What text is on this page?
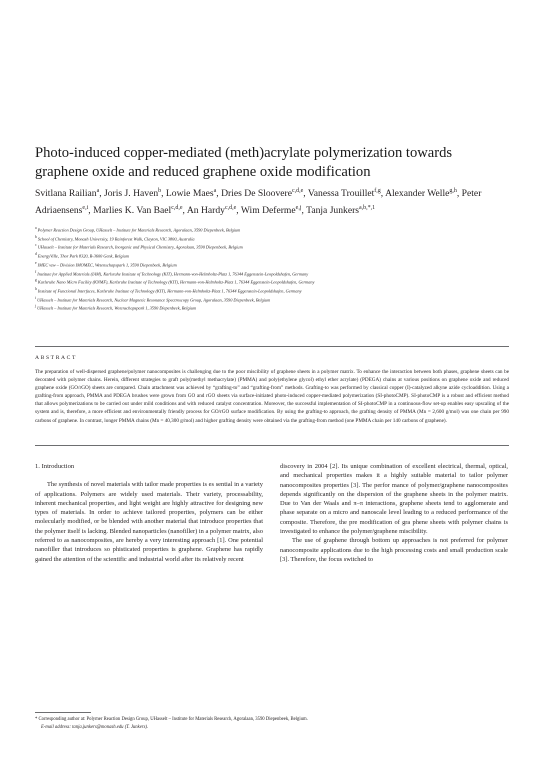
Photo-induced copper-mediated (meth)acrylate polymerization towards graphene oxide and reduced graphene oxide modification
Svitlana Railian$^a$, Joris J. Haven$^b$, Lowie Maes$^a$, Dries De Sloovere$^{c,d,e}$, Vanessa Trouillet$^{f,g}$, Alexander Welle$^{g,h}$, Peter Adriaensens$^{e,i}$, Marlies K. Van Bael$^{c,d,e}$, An Hardy$^{c,d,e}$, Wim Deferme$^{e,j}$, Tanja Junkers$^{a,b,*,1}$
$^a$ Polymer Reaction Design Group, UHasselt – Institute for Materials Research, Agoralaan, 3590 Diepenbeek, Belgium
$^b$ School of Chemistry, Monash University, 19 Rainforest Walk, Clayton, VIC 3800, Australia
$^c$ UHasselt – Institute for Materials Research, Inorganic and Physical Chemistry, Agoralaan, 3590 Diepenbeek, Belgium
$^d$ EnergyVille, Thor Park 8320, B-3600 Genk, Belgium
$^e$ IMEC vzw – Division IMOMEC, Wetenschapspark 1, 3590 Diepenbeek, Belgium
$^f$ Institute for Applied Materials (IAM), Karlsruhe Institute of Technology (KIT), Hermann-von-Helmholtz-Platz 1, 76344 Eggenstein-Leopoldshafen, Germany
$^g$ Karlsruhe Nano Micro Facility (KNMF), Karlsruhe Institute of Technology (KIT), Hermann-von-Helmholtz-Platz 1, 76344 Eggenstein-Leopoldshafen, Germany
$^h$ Institute of Functional Interfaces, Karlsruhe Institute of Technology (KIT), Hermann-von-Helmholtz-Platz 1, 76344 Eggenstein-Leopoldshafen, Germany
$^i$ UHasselt – Institute for Materials Research, Nuclear Magnetic Resonance Spectroscopy Group, Agoralaan, 3590 Diepenbeek, Belgium
$^j$ UHasselt – Institute for Materials Research, Wetenschapspark 1, 3590 Diepenbeek, Belgium
ABSTRACT
The preparation of well-dispersed graphene/polymer nanocomposites is challenging due to the poor miscibility of graphene sheets in a polymer matrix. To enhance the interaction between both phases, graphene sheets can be decorated with polymer chains. Herein, different strategies to graft poly(methyl methacrylate) (PMMA) and poly(ethylene glycol) ethyl ether acrylate) (PDEGA) chains at various positions on graphene oxide and reduced graphene oxide (GO/rGO) sheets are compared. Chain attachment was achieved by “grafting-to” and “grafting-from” methods. Grafting-to was performed by classical copper (I)-catalyzed alkyne azide cycloaddition. Using a grafting-from approach, PMMA and PDEGA brushes were grown from GO and rGO sheets via surface-initiated photo-induced copper-mediated polymerization (SI-photoCMP). SI-photoCMP is a robust and efficient method that allows polymerizations to be carried out under mild conditions and with reduced catalyst concentration. Moreover, the successful implementation of SI-photoCMP in a continuous-flow set-up enables easy upscaling of the system and is, therefore, a more efficient and environmentally friendly process for GO/rGO surface modification. By using the grafting-to approach, the grafting density of PMMA (Mn = 2,600 g/mol) was one chain per 990 carbons of graphene. In contrast, longer PMMA chains (Mn = 40,300 g/mol) and higher grafting density were obtained via the grafting-from method (one PMMA chain per 140 carbons of graphene).
1. Introduction

The synthesis of novel materials with tailor made properties is es sential in a variety of applications. Polymers are widely used materials. Their variety, processability, inherent mechanical properties, and light weight are highly attractive for designing new types of materials. In order to achieve tailored properties, polymers can be either molecularly modified, or be blended with another material that introduce properties that the polymer itself is lacking. Blended nanoparticles (nanofiller) in a polymer matrix, also referred to as nanocomposites, are hereby a very interesting approach [1]. One potential nanofiller that introduces so phisticated properties is graphene. Graphene has rapidly gained the attention of the scientific and industrial world after its relatively recent

discovery in 2004 [2]. Its unique combination of excellent electrical, thermal, optical, and mechanical properties makes it a highly suitable material to tailor polymer nanocomposites properties [3]. The perfor mance of polymer/graphene nanocomposites depends significantly on the dispersion of the graphene sheets in the polymer matrix. Due to Van der Waals and π–π interactions, graphene sheets tend to agglomerate and phase separate on a micro and nanoscale level leading to a reduced performance of the composite. Therefore, the pre modification of gra phene sheets with polymer chains is investigated to enhance the polymer/graphene miscibility.

The use of graphene through bottom up approaches is not preferred for polymer nanocomposite applications due to the high processing costs and small production scale [3]. Therefore, the focus switched to

* Corresponding author at: Polymer Reaction Design Group, UHasselt – Institute for Materials Research, Agoralaan, 3590 Diepenbeek, Belgium.
E-mail address: tanja.junkers@monash.edu (T. Junkers).
